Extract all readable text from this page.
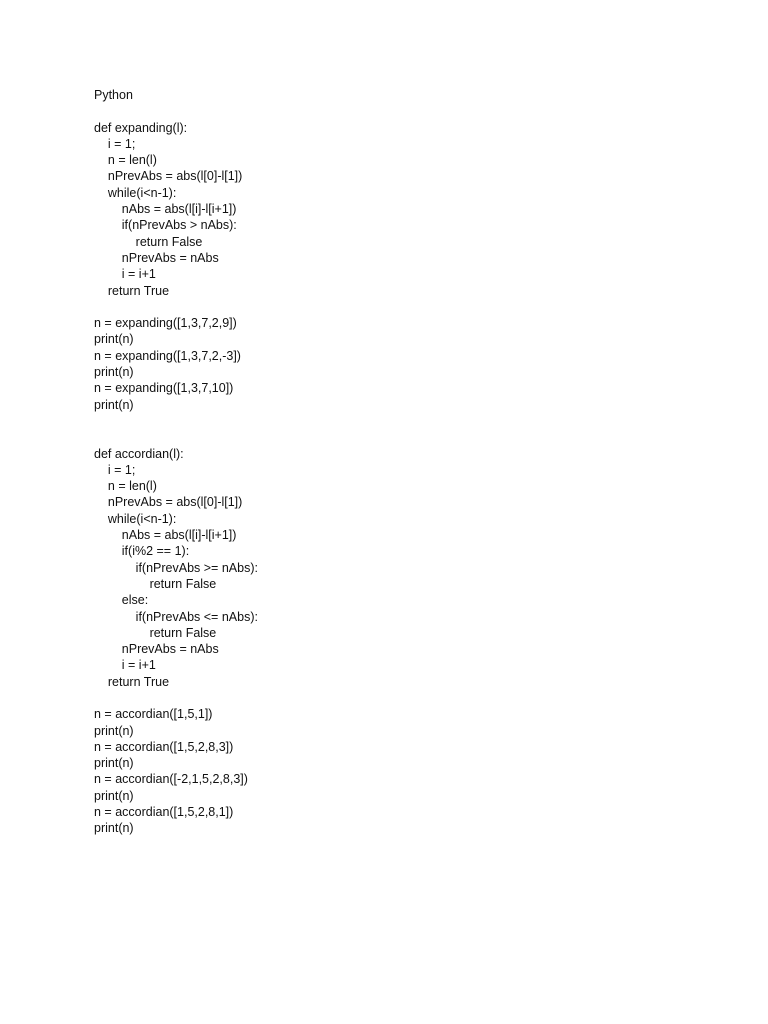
Python
def expanding(l):
i = 1;
n = len(l)
nPrevAbs = abs(l[0]-l[1])
while(i<n-1):
nAbs = abs(l[i]-l[i+1])
if(nPrevAbs > nAbs):
return False
nPrevAbs = nAbs
i = i+1
return True
n = expanding([1,3,7,2,9])
print(n)
n = expanding([1,3,7,2,-3])
print(n)
n = expanding([1,3,7,10])
print(n)
def accordian(l):
i = 1;
n = len(l)
nPrevAbs = abs(l[0]-l[1])
while(i<n-1):
nAbs = abs(l[i]-l[i+1])
if(i%2 == 1):
if(nPrevAbs >= nAbs):
return False
else:
if(nPrevAbs <= nAbs):
return False
nPrevAbs = nAbs
i = i+1
return True
n = accordian([1,5,1])
print(n)
n = accordian([1,5,2,8,3])
print(n)
n = accordian([-2,1,5,2,8,3])
print(n)
n = accordian([1,5,2,8,1])
print(n)
